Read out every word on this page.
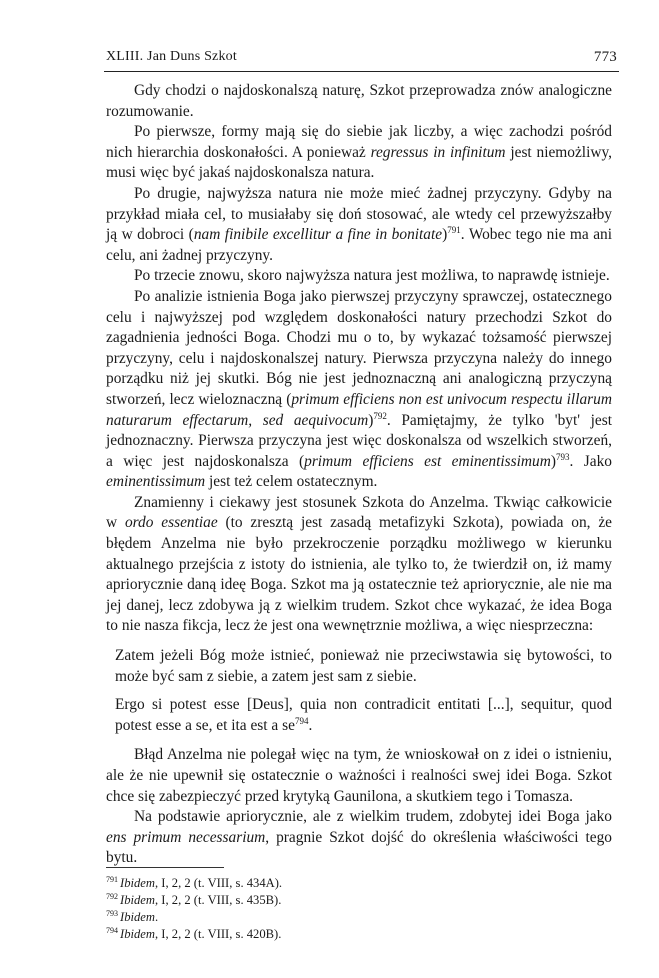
XLIII. Jan Duns Szkot	773

Gdy chodzi o najdoskonalszą naturę, Szkot przeprowadza znów analogiczne rozumowanie.

Po pierwsze, formy mają się do siebie jak liczby, a więc zachodzi pośród nich hierarchia doskonałości. A ponieważ regressus in infinitum jest niemożliwy, musi więc być jakaś najdoskonalsza natura.

Po drugie, najwyższa natura nie może mieć żadnej przyczyny. Gdyby na przykład miała cel, to musiałaby się doń stosować, ale wtedy cel przewyższałby ją w dobroci (nam finibile excellitur a fine in bonitate)$^{791}$. Wobec tego nie ma ani celu, ani żadnej przyczyny.

Po trzecie znowu, skoro najwyższa natura jest możliwa, to naprawdę istnieje.

Po analizie istnienia Boga jako pierwszej przyczyny sprawczej, ostatecznego celu i najwyższej pod względem doskonałości natury przechodzi Szkot do zagadnienia jedności Boga. Chodzi mu o to, by wykazać tożsamość pierwszej przyczyny, celu i najdoskonalszej natury. Pierwsza przyczyna należy do innego porządku niż jej skutki. Bóg nie jest jednoznaczną ani analogiczną przyczyną stworzeń, lecz wieloznaczną (primum efficiens non est univocum respectu illarum naturarum effectarum, sed aequivocum)$^{792}$. Pamiętajmy, że tylko 'byt' jest jednoznaczny. Pierwsza przyczyna jest więc doskonalsza od wszelkich stworzeń, a więc jest najdoskonalsza (primum efficiens est eminentissimum)$^{793}$. Jako eminentissimum jest też celem ostatecznym.

Znamienny i ciekawy jest stosunek Szkota do Anzelma. Tkwiąc całkowicie w ordo essentiae (to zresztą jest zasadą metafizyki Szkota), powiada on, że błędem Anzelma nie było przekroczenie porządku możliwego w kierunku aktualnego przejścia z istoty do istnienia, ale tylko to, że twierdził on, iż mamy apriorycznie daną ideę Boga. Szkot ma ją ostatecznie też apriorycznie, ale nie ma jej danej, lecz zdobywa ją z wielkim trudem. Szkot chce wykazać, że idea Boga to nie nasza fikcja, lecz że jest ona wewnętrznie możliwa, a więc niesprzeczna:

Zatem jeżeli Bóg może istnieć, ponieważ nie przeciwstawia się bytowości, to może być sam z siebie, a zatem jest sam z siebie.

Ergo si potest esse [Deus], quia non contradicit entitati [...], sequitur, quod potest esse a se, et ita est a $se^{794}$.

Błąd Anzelma nie polegał więc na tym, że wnioskował on z idei o istnieniu, ale że nie upewnił się ostatecznie o ważności i realności swej idei Boga. Szkot chce się zabezpieczyć przed krytyką Gaunilona, a skutkiem tego i Tomasza.

Na podstawie apriorycznie, ale z wielkim trudem, zdobytej idei Boga jako ens primum necessarium, pragnie Szkot dojść do określenia właściwości tego bytu.

$^{791}$ Ibidem, I, 2, 2 (t. VIII, s. 434A).
$^{792}$ Ibidem, I, 2, 2 (t. VIII, s. 435B).
$^{793}$ Ibidem.
$^{794}$ Ibidem, I, 2, 2 (t. VIII, s. 420B).
